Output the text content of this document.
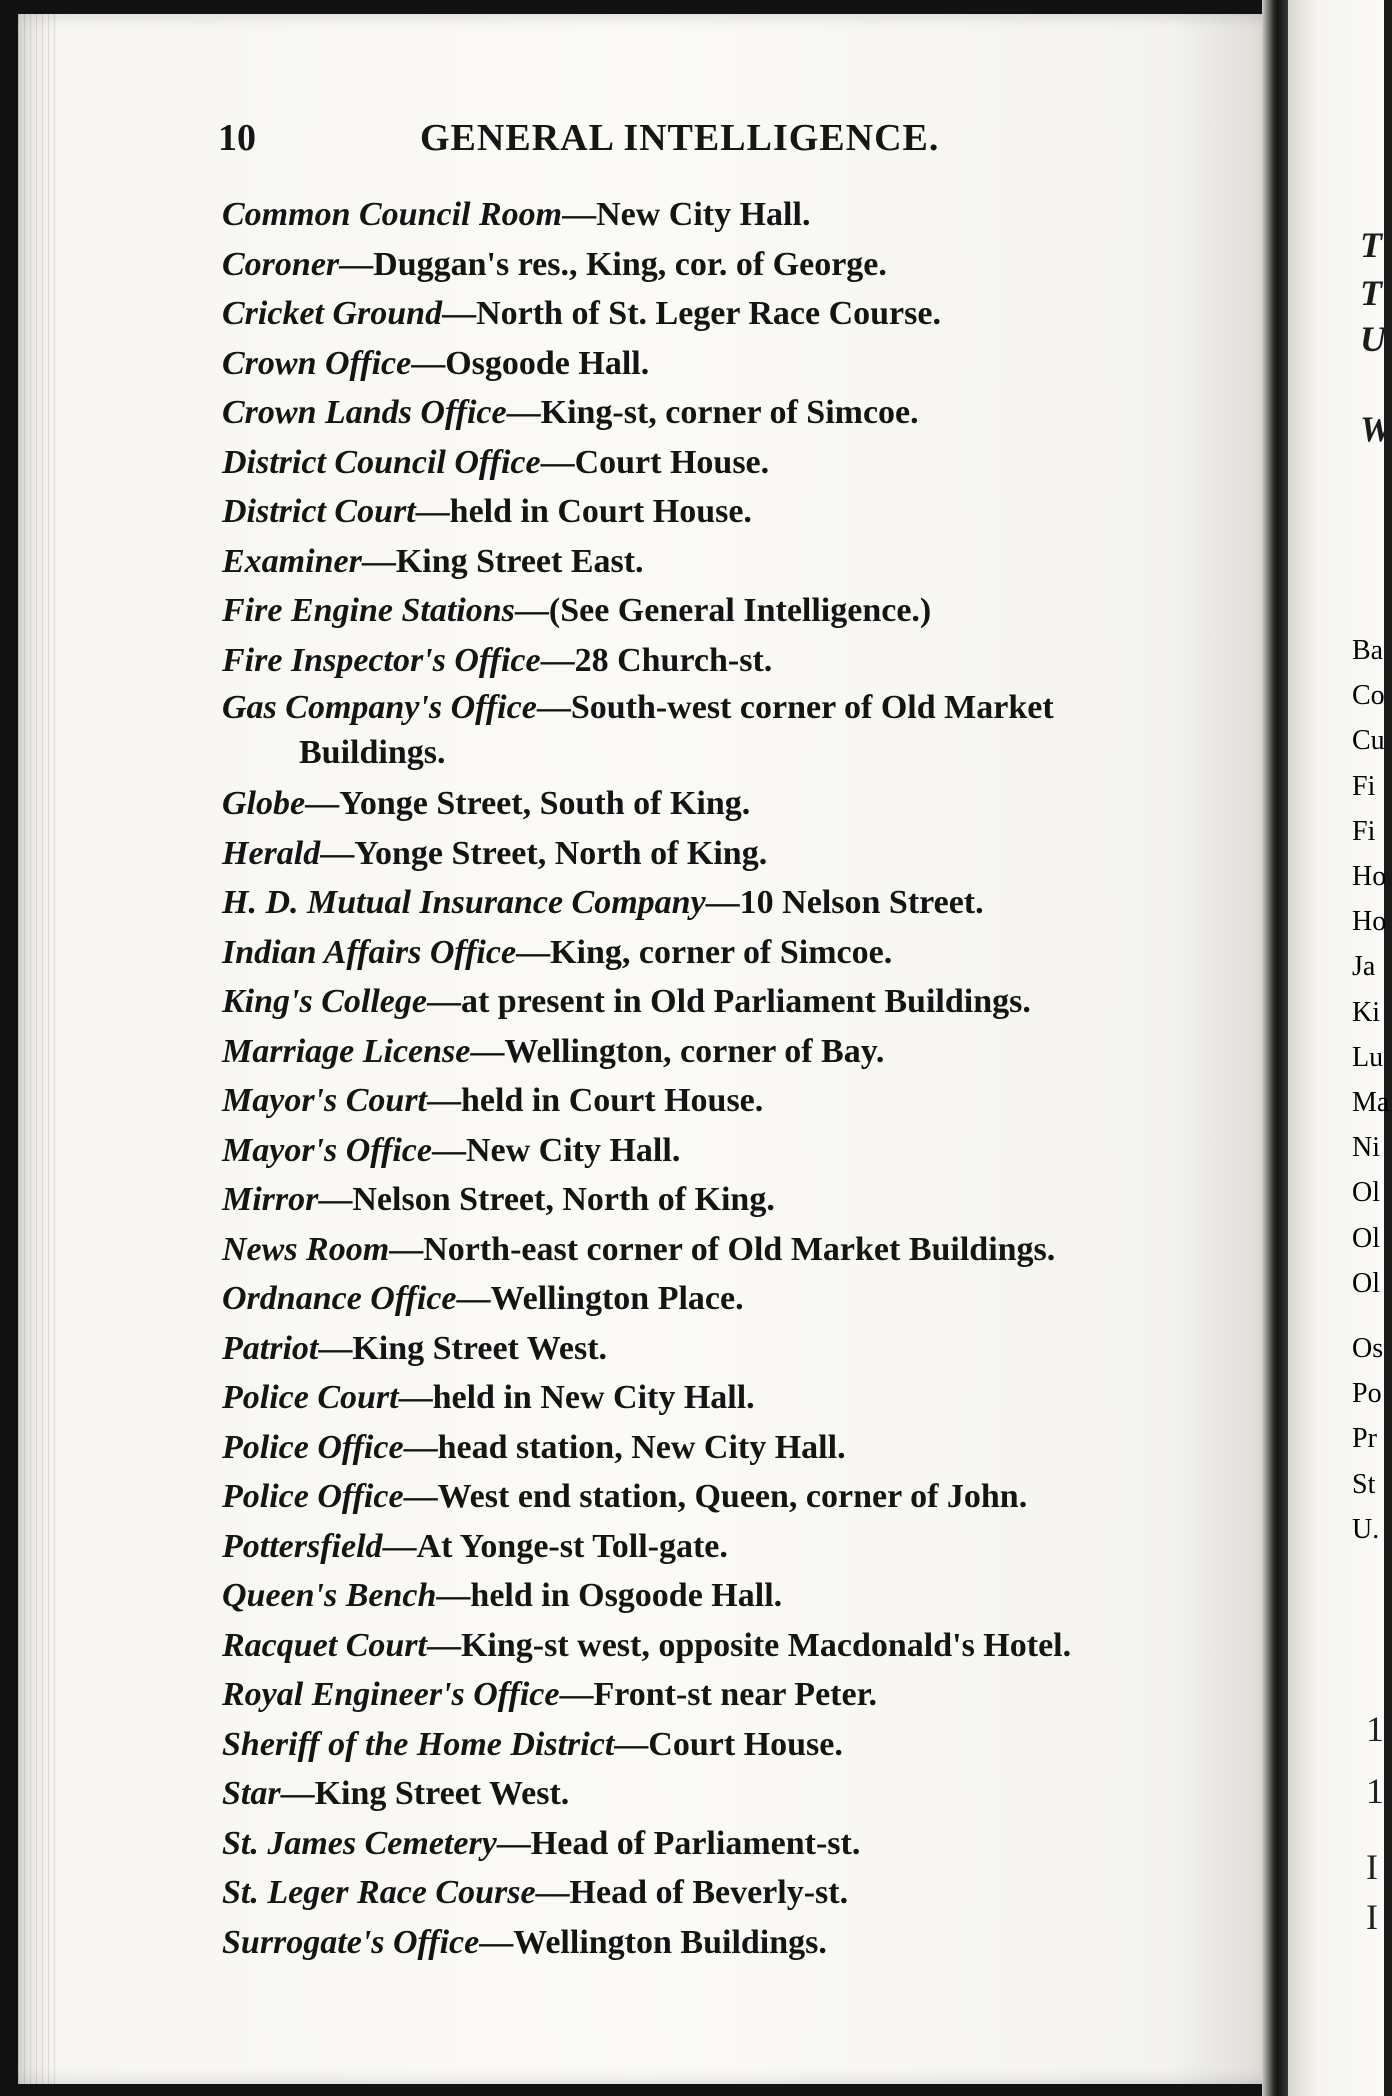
10	GENERAL INTELLIGENCE.
Common Council Room—New City Hall.
Coroner—Duggan's res., King, cor. of George.
Cricket Ground—North of St. Leger Race Course.
Crown Office—Osgoode Hall.
Crown Lands Office—King-st, corner of Simcoe.
District Council Office—Court House.
District Court—held in Court House.
Examiner—King Street East.
Fire Engine Stations—(See General Intelligence.)
Fire Inspector's Office—28 Church-st.
Gas Company's Office—South-west corner of Old Market Buildings.
Globe—Yonge Street, South of King.
Herald—Yonge Street, North of King.
H. D. Mutual Insurance Company—10 Nelson Street.
Indian Affairs Office—King, corner of Simcoe.
King's College—at present in Old Parliament Buildings.
Marriage License—Wellington, corner of Bay.
Mayor's Court—held in Court House.
Mayor's Office—New City Hall.
Mirror—Nelson Street, North of King.
News Room—North-east corner of Old Market Buildings.
Ordnance Office—Wellington Place.
Patriot—King Street West.
Police Court—held in New City Hall.
Police Office—head station, New City Hall.
Police Office—West end station, Queen, corner of John.
Pottersfield—At Yonge-st Toll-gate.
Queen's Bench—held in Osgoode Hall.
Racquet Court—King-st west, opposite Macdonald's Hotel.
Royal Engineer's Office—Front-st near Peter.
Sheriff of the Home District—Court House.
Star—King Street West.
St. James Cemetery—Head of Parliament-st.
St. Leger Race Course—Head of Beverly-st.
Surrogate's Office—Wellington Buildings.
T
T
U
W
Ba
Co
Cu
Fi
Fi
Ho
Ho
Ja
Ki
Lu
Ma
Ni
Ol
Ol
Ol
Os
Po
Pr
St
U.
1
1
I
I
